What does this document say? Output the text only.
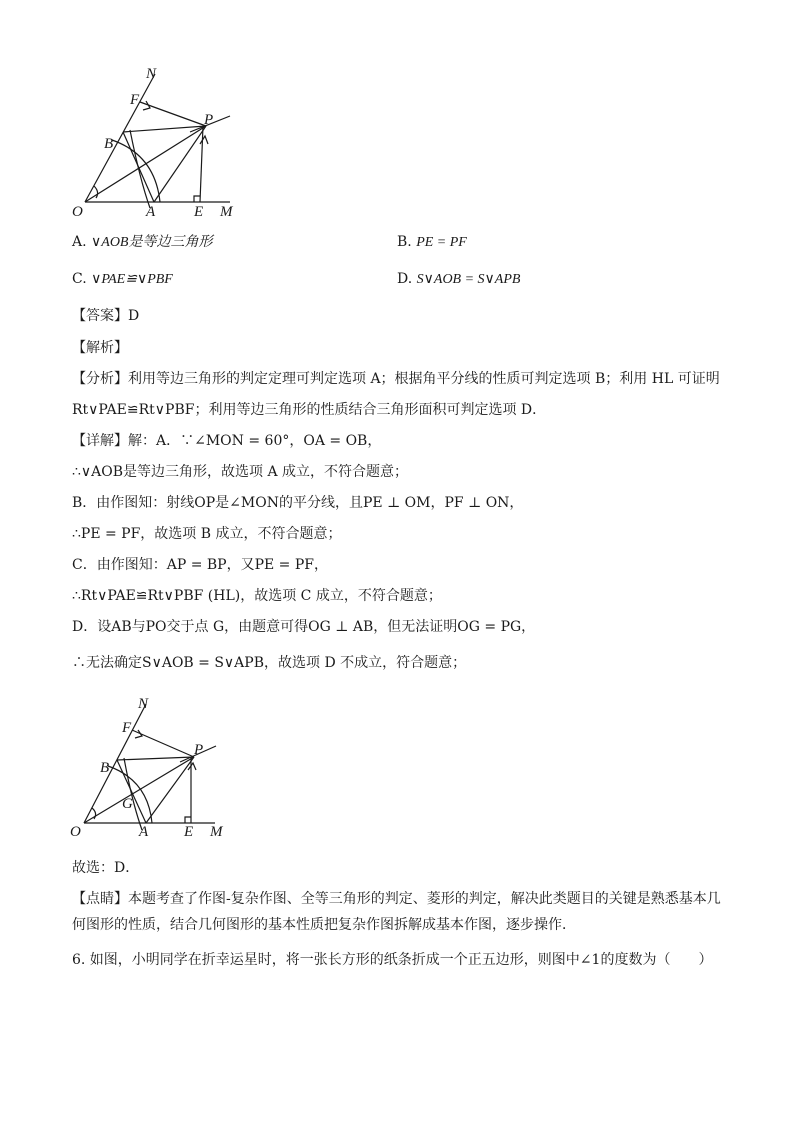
N
F
P
B
O	A	E M
A. ∨AOB是等边三角形	B. PE = PF
C. ∨PAE≌∨PBF	D. S∨AOB = S∨APB
【答案】D
【解析】
【分析】利用等边三角形的判定定理可判定选项 A；根据角平分线的性质可判定选项 B；利用 HL 可证明
Rt∨PAE≌Rt∨PBF；利用等边三角形的性质结合三角形面积可判定选项 D．
【详解】解：A．∵∠MON = 60°，OA = OB，
∴∨AOB是等边三角形，故选项 A 成立，不符合题意；
B．由作图知：射线OP是∠MON的平分线，且PE ⊥ OM，PF ⊥ ON，
∴PE = PF，故选项 B 成立，不符合题意；
C．由作图知：AP = BP，又PE = PF，
∴Rt∨PAE≌Rt∨PBF (HL)，故选项 C 成立，不符合题意；
D．设AB与PO交于点 G，由题意可得OG ⊥ AB，但无法证明OG = PG，
∴无法确定S∨AOB = S∨APB，故选项 D 不成立，符合题意；
N
F
P
B
G
O	A E M
故选：D．
【点睛】本题考查了作图-复杂作图、全等三角形的判定、菱形的判定，解决此类题目的关键是熟悉基本几何图形的性质，结合几何图形的基本性质把复杂作图拆解成基本作图，逐步操作．
6. 如图，小明同学在折幸运星时，将一张长方形的纸条折成一个正五边形，则图中∠1的度数为（　　）
